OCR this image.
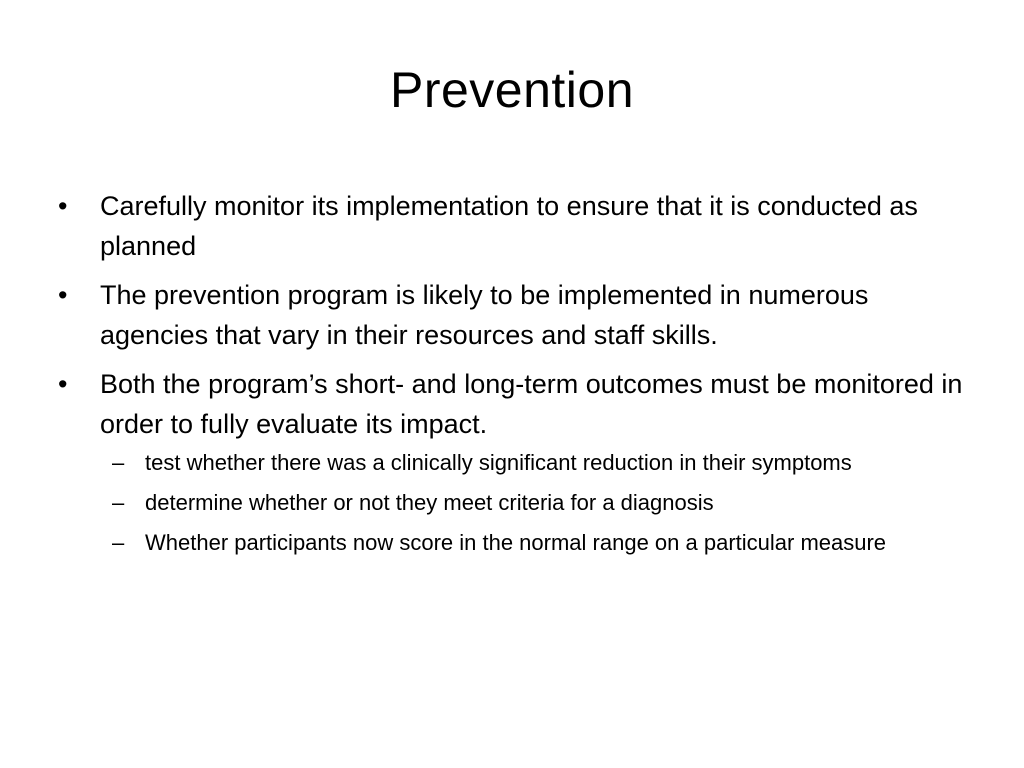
Prevention
•	Carefully monitor its implementation to ensure that it is conducted as planned
•	The prevention program is likely to be implemented in numerous agencies that vary in their resources and staff skills.
•	Both the program’s short- and long-term outcomes must be monitored in order to fully evaluate its impact.
– test whether there was a clinically significant reduction in their symptoms
– determine whether or not they meet criteria for a diagnosis
– Whether participants now score in the normal range on a particular measure
